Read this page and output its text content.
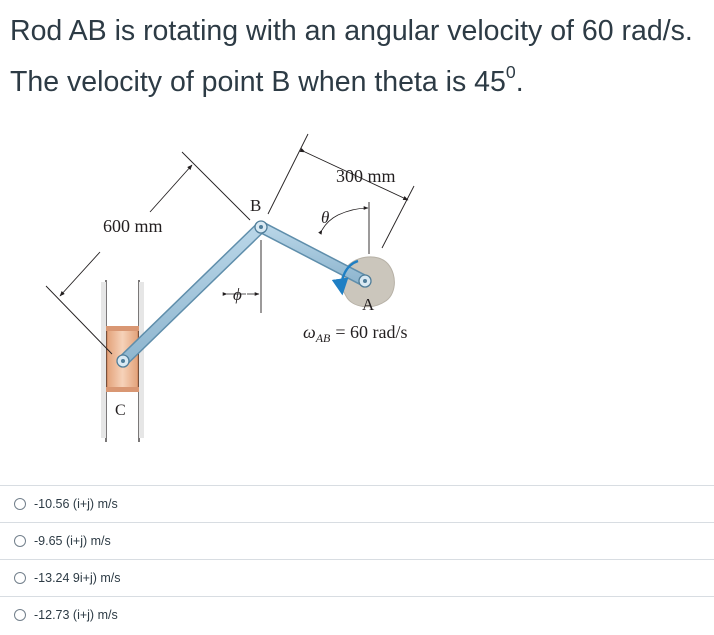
Rod AB is rotating with an angular velocity of 60 rad/s. The velocity of point B when theta is $45^0$.
300 mm
600 mm
B
A
C
θ
ϕ
$\omega_{AB} = 60$ rad/s
-10.56 (i+j) m/s
-9.65 (i+j) m/s
-13.24 9i+j) m/s
-12.73 (i+j) m/s
